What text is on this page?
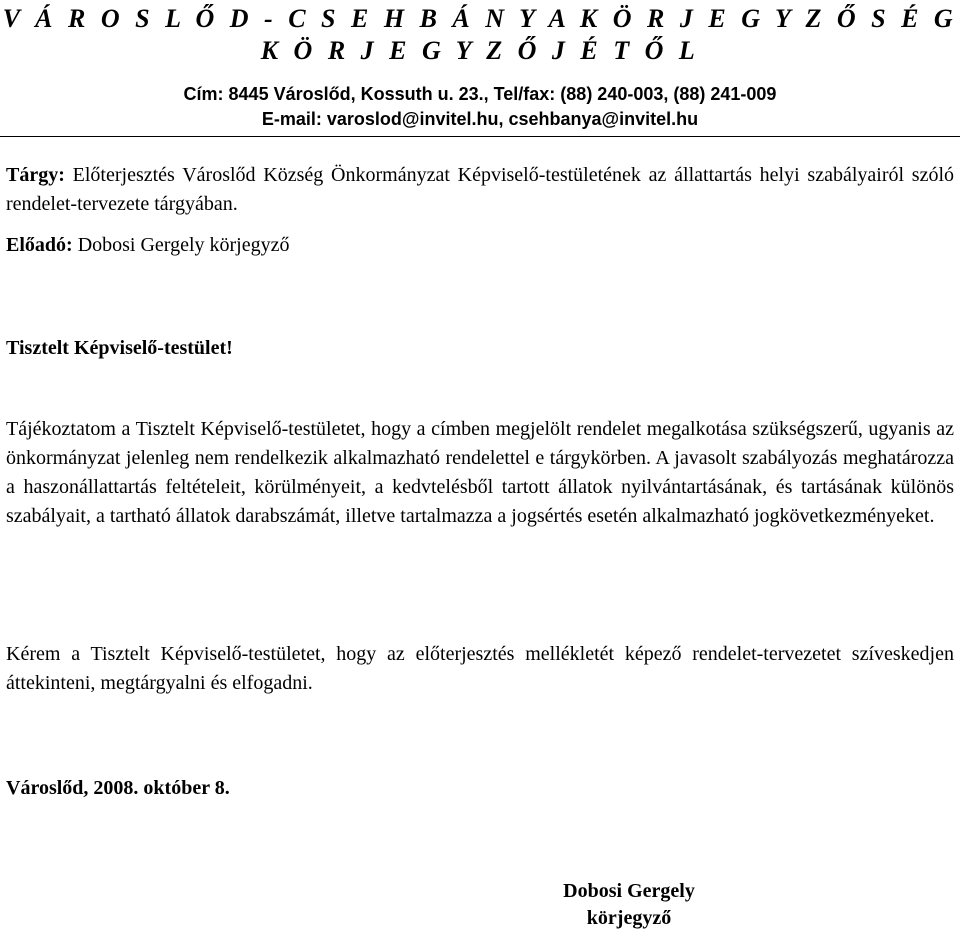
V Á R O S L Ő D - C S E H B Á N Y A K Ö R J E G Y Z Ő S É G
K Ö R J E G Y Z Ő J É T Ő L
Cím: 8445 Városlőd, Kossuth u. 23., Tel/fax: (88) 240-003, (88) 241-009
E-mail: varoslod@invitel.hu, csehbanya@invitel.hu
Tárgy: Előterjesztés Városlőd Község Önkormányzat Képviselő-testületének az állattartás helyi szabályairól szóló rendelet-tervezete tárgyában.
Előadó: Dobosi Gergely körjegyző
Tisztelt Képviselő-testület!
Tájékoztatom a Tisztelt Képviselő-testületet, hogy a címben megjelölt rendelet megalkotása szükségszerű, ugyanis az önkormányzat jelenleg nem rendelkezik alkalmazható rendelettel e tárgykörben. A javasolt szabályozás meghatározza a haszonállattartás feltételeit, körülményeit, a kedvtelésből tartott állatok nyilvántartásának, és tartásának különös szabályait, a tartható állatok darabszámát, illetve tartalmazza a jogsértés esetén alkalmazható jogkövetkezményeket.
Kérem a Tisztelt Képviselő-testületet, hogy az előterjesztés mellékletét képező rendelet-tervezetet szíveskedjen áttekinteni, megtárgyalni és elfogadni.
Városlőd, 2008. október 8.
Dobosi Gergely
körjegyző
